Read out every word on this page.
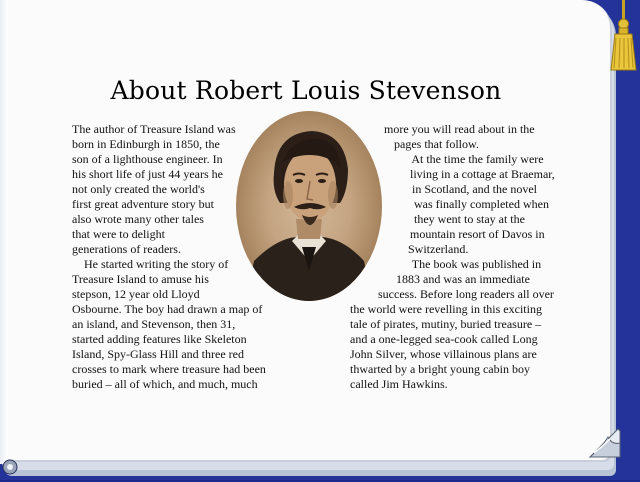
About Robert Louis Stevenson
The author of Treasure Island was
born in Edinburgh in 1850, the
son of a lighthouse engineer. In
his short life of just 44 years he
not only created the world's
first great adventure story but
also wrote many other tales
that were to delight
generations of readers.
He started writing the story of
Treasure Island to amuse his
stepson, 12 year old Lloyd
Osbourne. The boy had drawn a map of
an island, and Stevenson, then 31,
started adding features like Skeleton
Island, Spy-Glass Hill and three red
crosses to mark where treasure had been
buried – all of which, and much, much
more you will read about in the
pages that follow.
At the time the family were
living in a cottage at Braemar,
in Scotland, and the novel
was finally completed when
they went to stay at the
mountain resort of Davos in
Switzerland.
The book was published in
1883 and was an immediate
success. Before long readers all over
the world were revelling in this exciting
tale of pirates, mutiny, buried treasure –
and a one-legged sea-cook called Long
John Silver, whose villainous plans are
thwarted by a bright young cabin boy
called Jim Hawkins.
